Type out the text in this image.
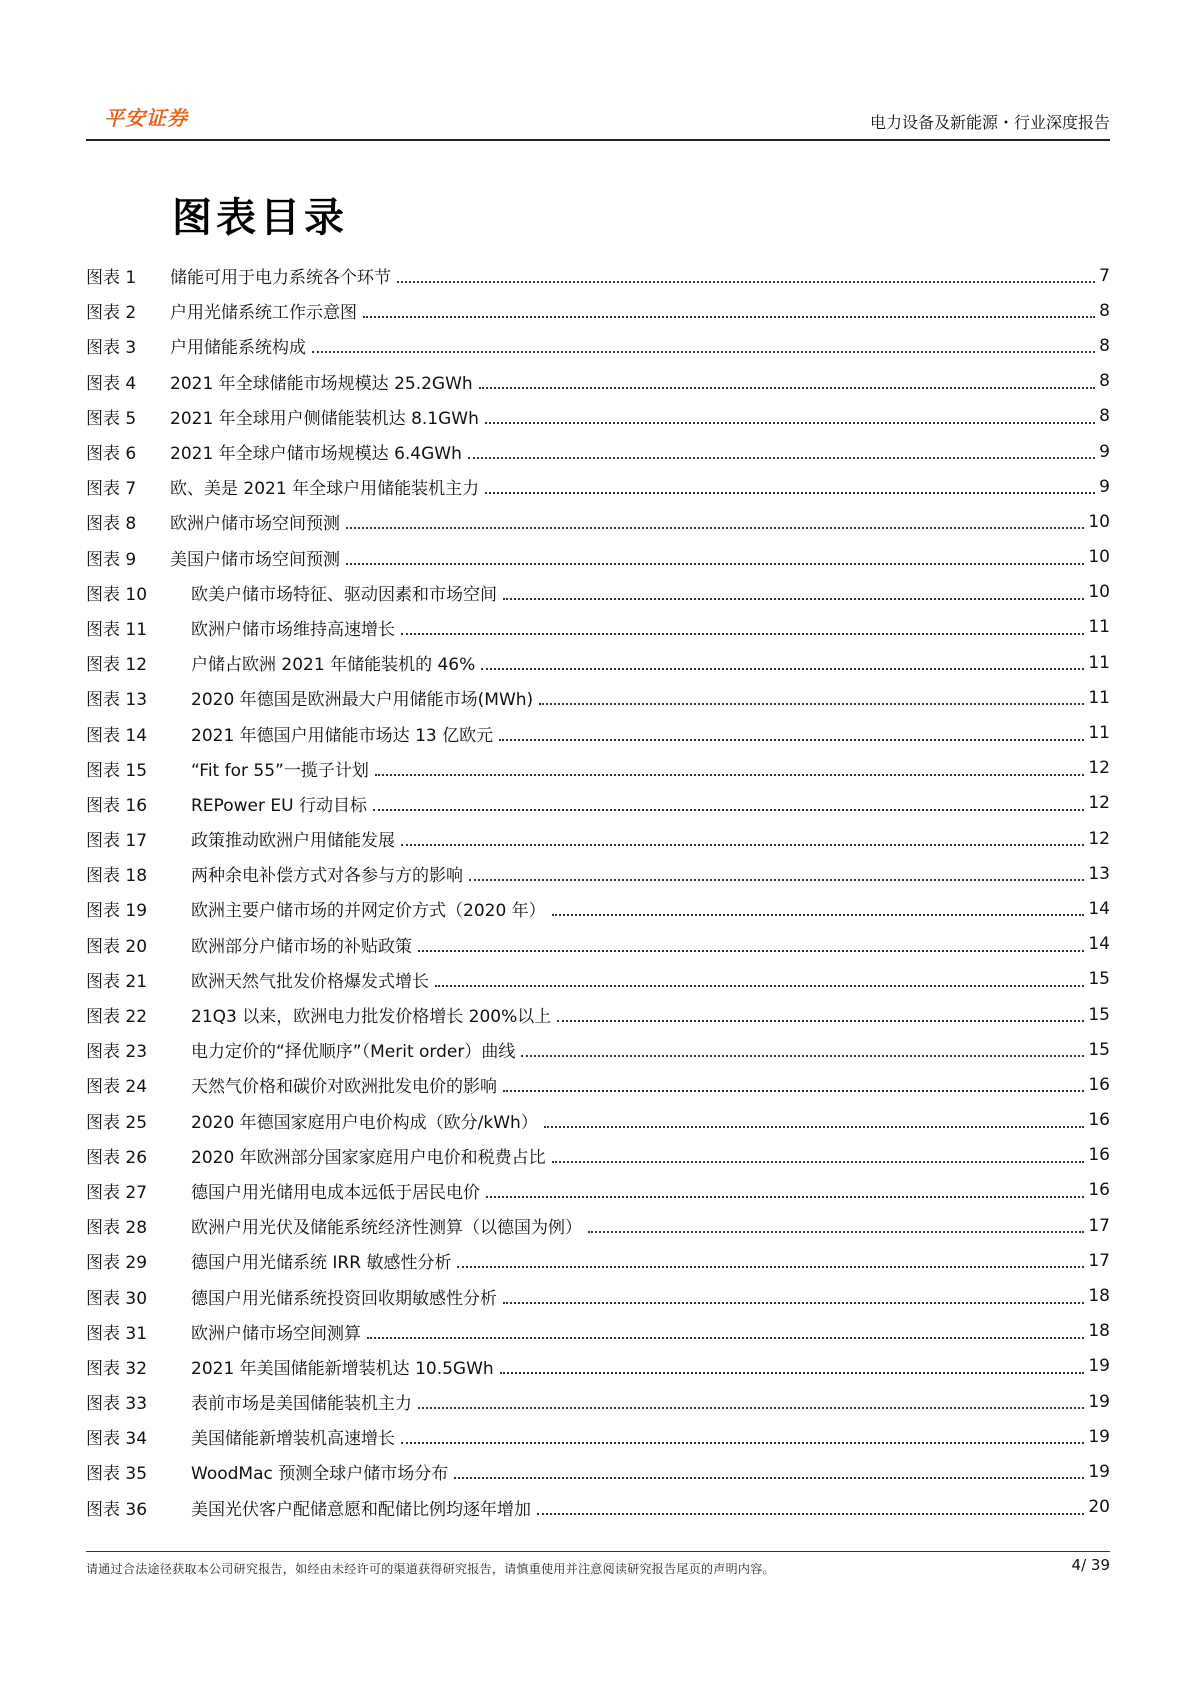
平安证券	电力设备及新能源・行业深度报告
图表目录
图表 1	储能可用于电力系统各个环节	7
图表 2	户用光储系统工作示意图	8
图表 3	户用储能系统构成	8
图表 4	2021 年全球储能市场规模达 25.2GWh	8
图表 5	2021 年全球用户侧储能装机达 8.1GWh	8
图表 6	2021 年全球户储市场规模达 6.4GWh	9
图表 7	欧、美是 2021 年全球户用储能装机主力	9
图表 8	欧洲户储市场空间预测	10
图表 9	美国户储市场空间预测	10
图表 10	欧美户储市场特征、驱动因素和市场空间	10
图表 11	欧洲户储市场维持高速增长	11
图表 12	户储占欧洲 2021 年储能装机的 46%	11
图表 13	2020 年德国是欧洲最大户用储能市场(MWh)	11
图表 14	2021 年德国户用储能市场达 13 亿欧元	11
图表 15	“Fit for 55”一揽子计划	12
图表 16	REPower EU 行动目标	12
图表 17	政策推动欧洲户用储能发展	12
图表 18	两种余电补偿方式对各参与方的影响	13
图表 19	欧洲主要户储市场的并网定价方式（2020 年）	14
图表 20	欧洲部分户储市场的补贴政策	14
图表 21	欧洲天然气批发价格爆发式增长	15
图表 22	21Q3 以来，欧洲电力批发价格增长 200%以上	15
图表 23	电力定价的“择优顺序”（Merit order）曲线	15
图表 24	天然气价格和碳价对欧洲批发电价的影响	16
图表 25	2020 年德国家庭用户电价构成（欧分/kWh）	16
图表 26	2020 年欧洲部分国家家庭用户电价和税费占比	16
图表 27	德国户用光储用电成本远低于居民电价	16
图表 28	欧洲户用光伏及储能系统经济性测算（以德国为例）	17
图表 29	德国户用光储系统 IRR 敏感性分析	17
图表 30	德国户用光储系统投资回收期敏感性分析	18
图表 31	欧洲户储市场空间测算	18
图表 32	2021 年美国储能新增装机达 10.5GWh	19
图表 33	表前市场是美国储能装机主力	19
图表 34	美国储能新增装机高速增长	19
图表 35	WoodMac 预测全球户储市场分布	19
图表 36	美国光伏客户配储意愿和配储比例均逐年增加	20
请通过合法途径获取本公司研究报告，如经由未经许可的渠道获得研究报告，请慎重使用并注意阅读研究报告尾页的声明内容。	4/ 39
